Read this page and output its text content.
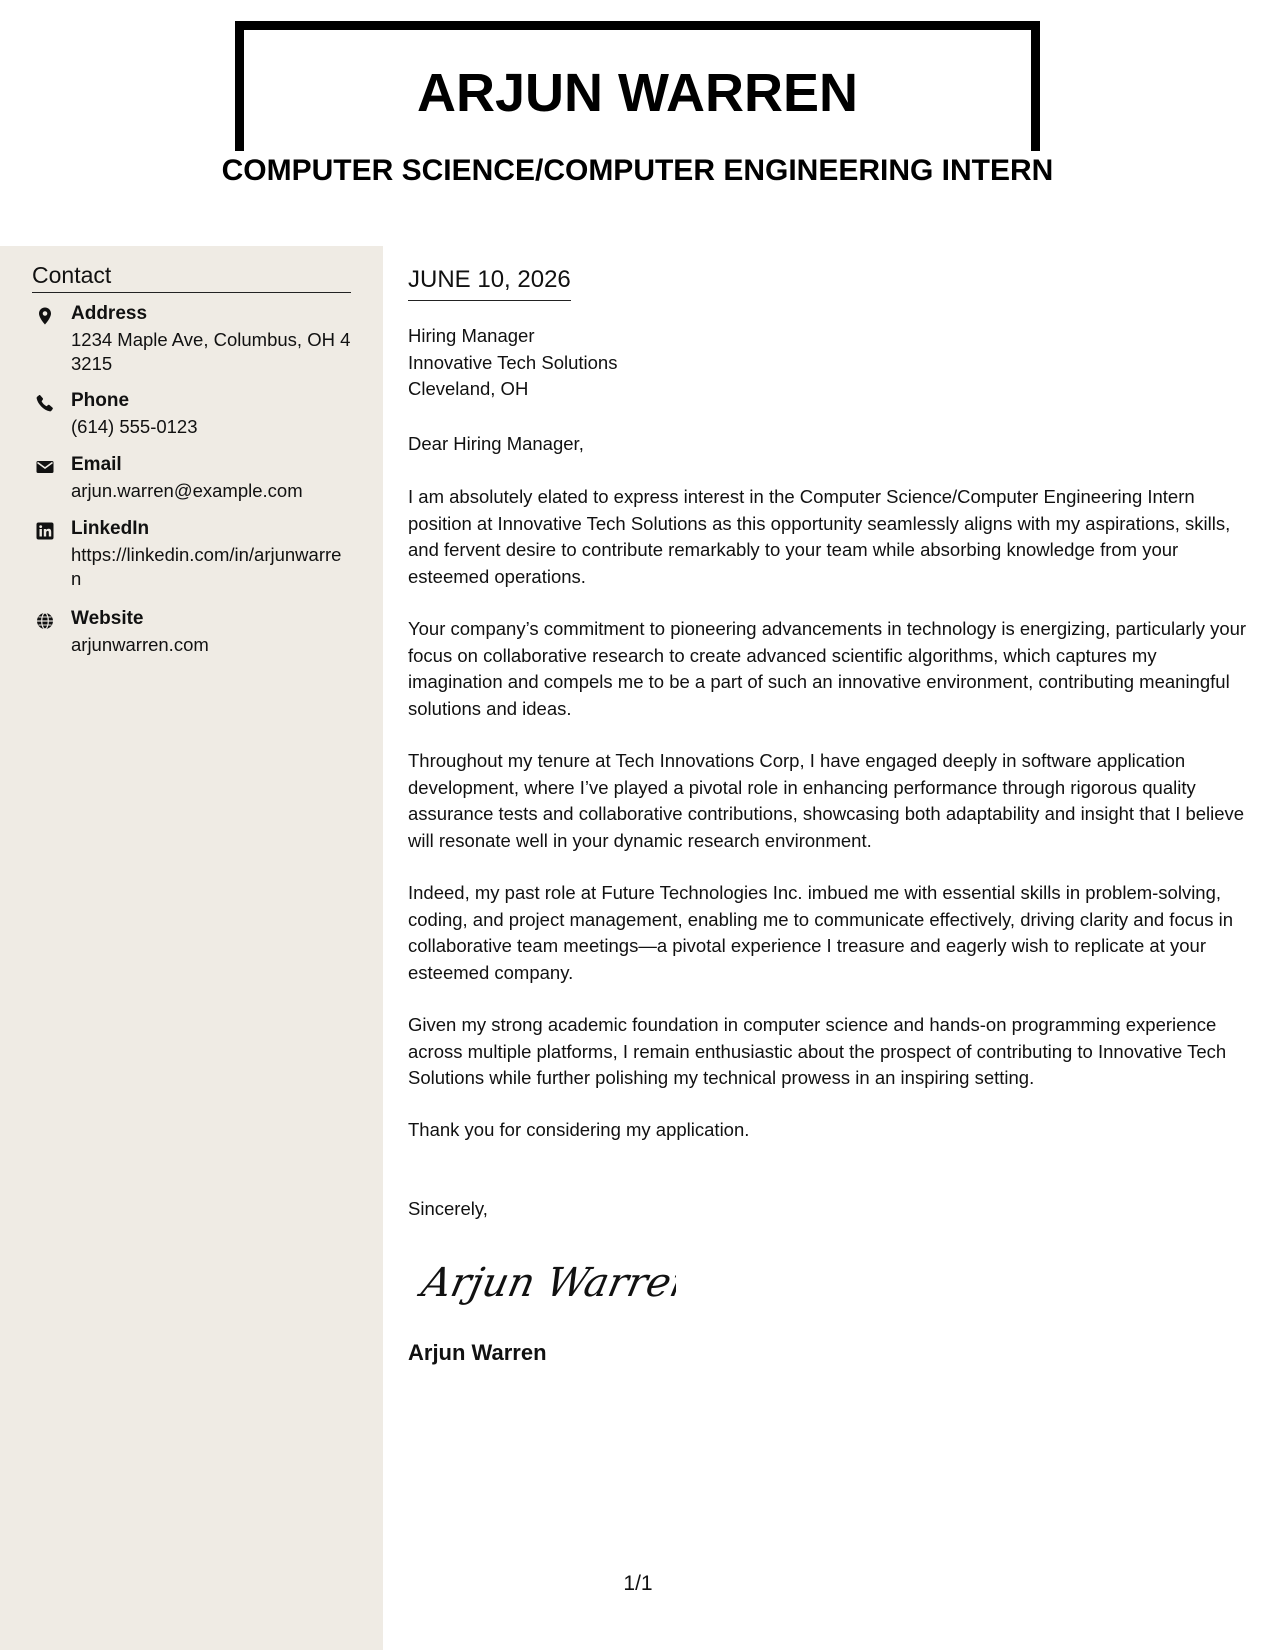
ARJUN WARREN
COMPUTER SCIENCE/COMPUTER ENGINEERING INTERN
Contact
Address
1234 Maple Ave, Columbus, OH 43215
Phone
(614) 555-0123
Email
arjun.warren@example.com
LinkedIn
https://linkedin.com/in/arjunwarren
Website
arjunwarren.com
JUNE 10, 2026
Hiring Manager
Innovative Tech Solutions
Cleveland, OH
Dear Hiring Manager,
I am absolutely elated to express interest in the Computer Science/Computer Engineering Intern position at Innovative Tech Solutions as this opportunity seamlessly aligns with my aspirations, skills, and fervent desire to contribute remarkably to your team while absorbing knowledge from your esteemed operations.
Your company’s commitment to pioneering advancements in technology is energizing, particularly your focus on collaborative research to create advanced scientific algorithms, which captures my imagination and compels me to be a part of such an innovative environment, contributing meaningful solutions and ideas.
Throughout my tenure at Tech Innovations Corp, I have engaged deeply in software application development, where I’ve played a pivotal role in enhancing performance through rigorous quality assurance tests and collaborative contributions, showcasing both adaptability and insight that I believe will resonate well in your dynamic research environment.
Indeed, my past role at Future Technologies Inc. imbued me with essential skills in problem-solving, coding, and project management, enabling me to communicate effectively, driving clarity and focus in collaborative team meetings—a pivotal experience I treasure and eagerly wish to replicate at your esteemed company.
Given my strong academic foundation in computer science and hands-on programming experience across multiple platforms, I remain enthusiastic about the prospect of contributing to Innovative Tech Solutions while further polishing my technical prowess in an inspiring setting.
Thank you for considering my application.
Sincerely,
Arjun Warren
Arjun Warren
1/1
